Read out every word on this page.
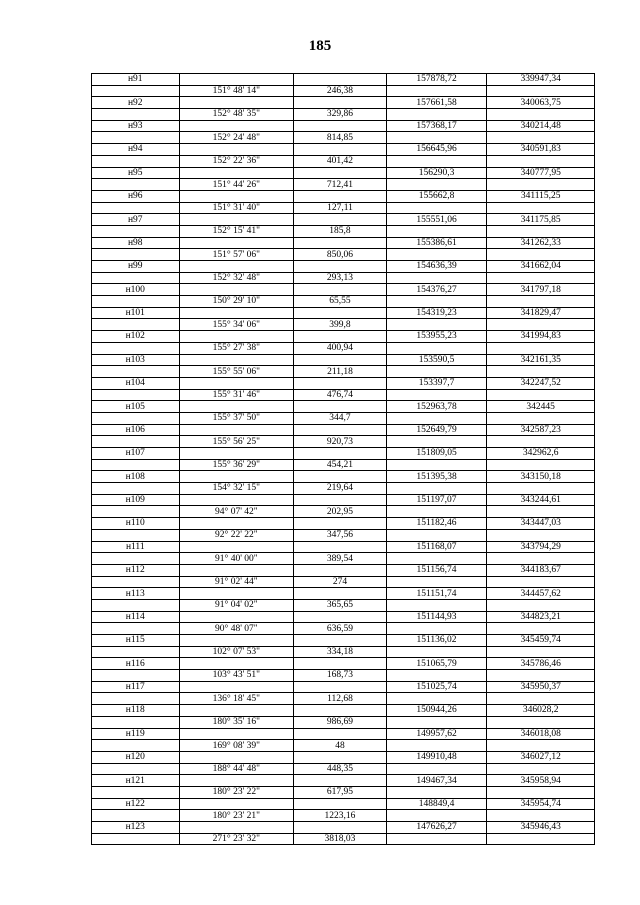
185
н91			157878,72	339947,34
	151° 48' 14"	246,38		
н92			157661,58	340063,75
	152° 48' 35"	329,86		
н93			157368,17	340214,48
	152° 24' 48"	814,85		
н94			156645,96	340591,83
	152° 22' 36"	401,42		
н95			156290,3	340777,95
	151° 44' 26"	712,41		
н96			155662,8	341115,25
	151° 31' 40"	127,11		
н97			155551,06	341175,85
	152° 15' 41"	185,8		
н98			155386,61	341262,33
	151° 57' 06"	850,06		
н99			154636,39	341662,04
	152° 32' 48"	293,13		
н100			154376,27	341797,18
	150° 29' 10"	65,55		
н101			154319,23	341829,47
	155° 34' 06"	399,8		
н102			153955,23	341994,83
	155° 27' 38"	400,94		
н103			153590,5	342161,35
	155° 55' 06"	211,18		
н104			153397,7	342247,52
	155° 31' 46"	476,74		
н105			152963,78	342445
	155° 37' 50"	344,7		
н106			152649,79	342587,23
	155° 56' 25"	920,73		
н107			151809,05	342962,6
	155° 36' 29"	454,21		
н108			151395,38	343150,18
	154° 32' 15"	219,64		
н109			151197,07	343244,61
	94° 07' 42"	202,95		
н110			151182,46	343447,03
	92° 22' 22"	347,56		
н111			151168,07	343794,29
	91° 40' 00"	389,54		
н112			151156,74	344183,67
	91° 02' 44"	274		
н113			151151,74	344457,62
	91° 04' 02"	365,65		
н114			151144,93	344823,21
	90° 48' 07"	636,59		
н115			151136,02	345459,74
	102° 07' 53"	334,18		
н116			151065,79	345786,46
	103° 43' 51"	168,73		
н117			151025,74	345950,37
	136° 18' 45"	112,68		
н118			150944,26	346028,2
	180° 35' 16"	986,69		
н119			149957,62	346018,08
	169° 08' 39"	48		
н120			149910,48	346027,12
	188° 44' 48"	448,35		
н121			149467,34	345958,94
	180° 23' 22"	617,95		
н122			148849,4	345954,74
	180° 23' 21"	1223,16		
н123			147626,27	345946,43
	271° 23' 32"	3818,03		
